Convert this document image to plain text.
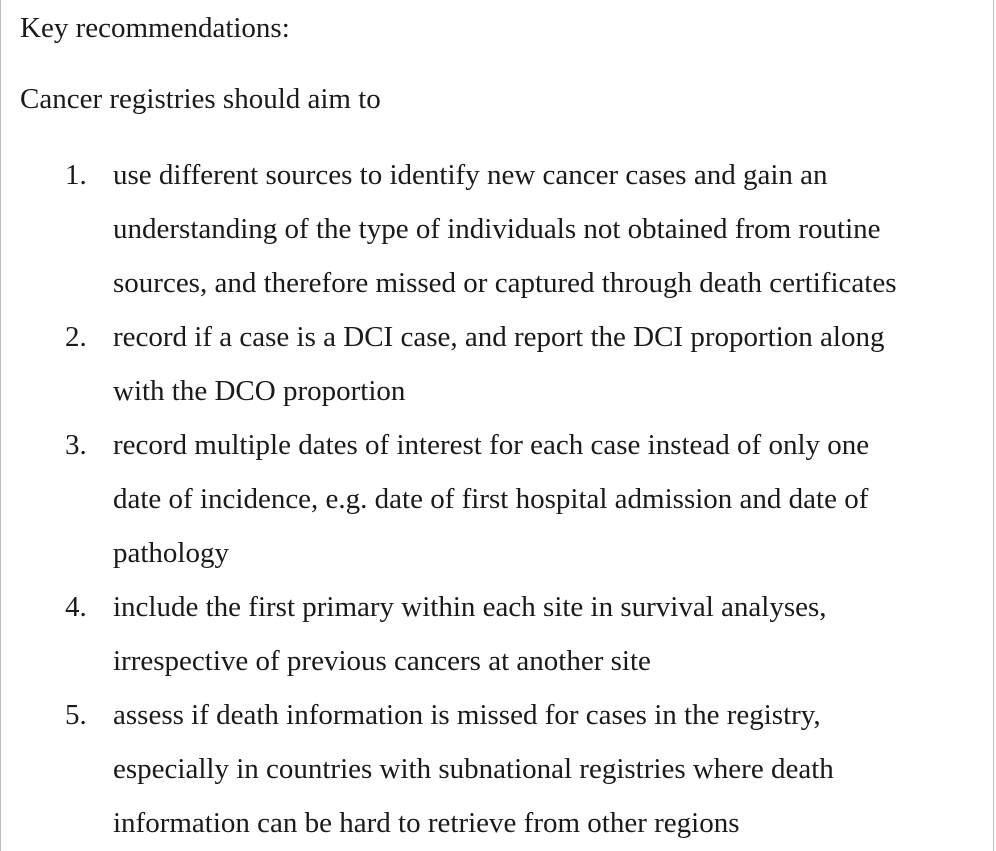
Key recommendations:
Cancer registries should aim to
1. use different sources to identify new cancer cases and gain an
understanding of the type of individuals not obtained from routine
sources, and therefore missed or captured through death certificates
2. record if a case is a DCI case, and report the DCI proportion along
with the DCO proportion
3. record multiple dates of interest for each case instead of only one
date of incidence, e.g. date of first hospital admission and date of
pathology
4. include the first primary within each site in survival analyses,
irrespective of previous cancers at another site
5. assess if death information is missed for cases in the registry,
especially in countries with subnational registries where death
information can be hard to retrieve from other regions
